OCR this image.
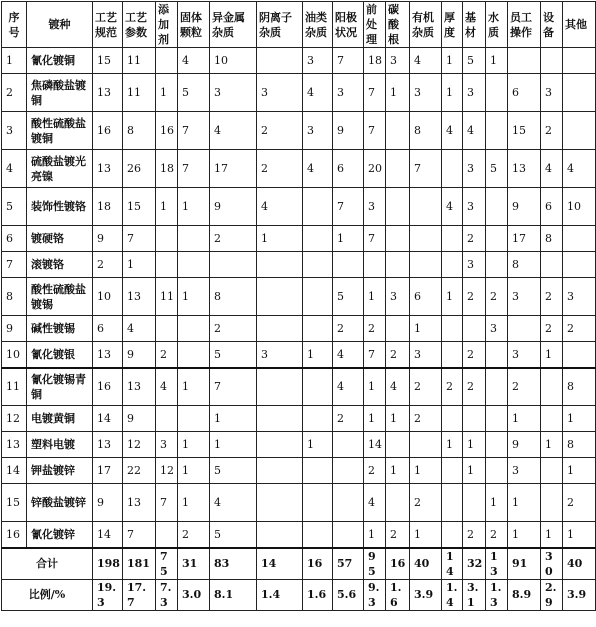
序号	镀种	工艺规范	工艺参数	添加剂	固体颗粒	异金属杂质	阴离子杂质	油类杂质	阳极状况	前处理	碳酸根	有机杂质	厚度	基材	水质	员工操作	设备	其他
1	氰化镀铜	15	11		4	10		3	7	18	3	4	1	5	1			
2	焦磷酸盐镀铜	13	11	1	5	3	3	4	3	7	1	3	1	3		6	3	
3	酸性硫酸盐镀铜	16	8	16	7	4	2	3	9	7		8	4	4		15	2	
4	硫酸盐镀光亮镍	13	26	18	7	17	2	4	6	20		7		3	5	13	4	4
5	装饰性镀铬	18	15	1	1	9	4		7	3			4	3		9	6	10
6	镀硬铬	9	7			2	1		1	7				2		17	8	
7	滚镀铬	2	1											3		8		
8	酸性硫酸盐镀锡	10	13	11	1	8			5	1	3	6	1	2	2	3	2	3
9	碱性镀锡	6	4			2			2	2		1			3		2	2
10	氰化镀银	13	9	2		5	3	1	4	7	2	3		2		3	1	
11	氰化镀锡青铜	16	13	4	1	7			4	1	4	2	2	2		2		8
12	电镀黄铜	14	9			1			2	1	1	2				1		1
13	塑料电镀	13	12	3	1	1		1		14			1	1		9	1	8
14	钾盐镀锌	17	22	12	1	5				2	1	1		1		3		1
15	锌酸盐镀锌	9	13	7	1	4				4		2			1	1		2
16	氰化镀锌	14	7		2	5				1	2	1		2	2	1	1	1
合计		198	181	75	31	83	14	16	57	95	16	40	14	32	13	91	30	40
比例/%		19.3	17.7	7.3	3.0	8.1	1.4	1.6	5.6	9.3	1.6	3.9	1.4	3.1	1.3	8.9	2.9	3.9
